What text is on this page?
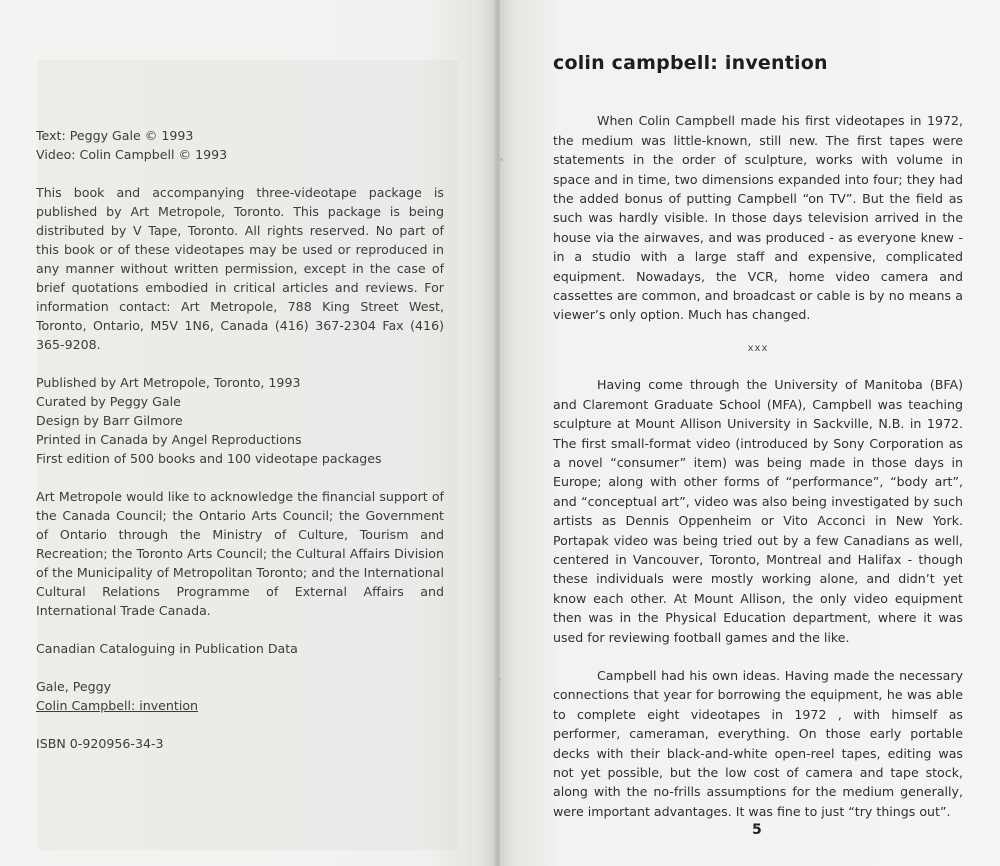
Text: Peggy Gale © 1993
Video: Colin Campbell © 1993
This book and accompanying three-videotape package is published by Art Metropole, Toronto. This package is being distributed by V Tape, Toronto. All rights reserved. No part of this book or of these videotapes may be used or reproduced in any manner without written permission, except in the case of brief quotations embodied in critical articles and reviews. For information contact: Art Metropole, 788 King Street West, Toronto, Ontario, M5V 1N6, Canada (416) 367-2304 Fax (416) 365-9208.
Published by Art Metropole, Toronto, 1993
Curated by Peggy Gale
Design by Barr Gilmore
Printed in Canada by Angel Reproductions
First edition of 500 books and 100 videotape packages
Art Metropole would like to acknowledge the financial support of the Canada Council; the Ontario Arts Council; the Government of Ontario through the Ministry of Culture, Tourism and Recreation; the Toronto Arts Council; the Cultural Affairs Division of the Municipality of Metropolitan Toronto; and the International Cultural Relations Programme of External Affairs and International Trade Canada.
Canadian Cataloguing in Publication Data
Gale, Peggy
Colin Campbell: invention
ISBN 0-920956-34-3
colin campbell: invention
When Colin Campbell made his first videotapes in 1972, the medium was little-known, still new. The first tapes were statements in the order of sculpture, works with volume in space and in time, two dimensions expanded into four; they had the added bonus of putting Campbell “on TV”. But the field as such was hardly visible. In those days television arrived in the house via the airwaves, and was produced - as everyone knew - in a studio with a large staff and expensive, complicated equipment. Nowadays, the VCR, home video camera and cassettes are common, and broadcast or cable is by no means a viewer’s only option. Much has changed.
xxx
Having come through the University of Manitoba (BFA) and Claremont Graduate School (MFA), Campbell was teaching sculpture at Mount Allison University in Sackville, N.B. in 1972. The first small-format video (introduced by Sony Corporation as a novel “consumer” item) was being made in those days in Europe; along with other forms of “performance”, “body art”, and “conceptual art”, video was also being investigated by such artists as Dennis Oppenheim or Vito Acconci in New York. Portapak video was being tried out by a few Canadians as well, centered in Vancouver, Toronto, Montreal and Halifax - though these individuals were mostly working alone, and didn’t yet know each other. At Mount Allison, the only video equipment then was in the Physical Education department, where it was used for reviewing football games and the like.
Campbell had his own ideas. Having made the necessary connections that year for borrowing the equipment, he was able to complete eight videotapes in 1972 , with himself as performer, cameraman, everything. On those early portable decks with their black-and-white open-reel tapes, editing was not yet possible, but the low cost of camera and tape stock, along with the no-frills assumptions for the medium generally, were important advantages. It was fine to just “try things out”.
5
